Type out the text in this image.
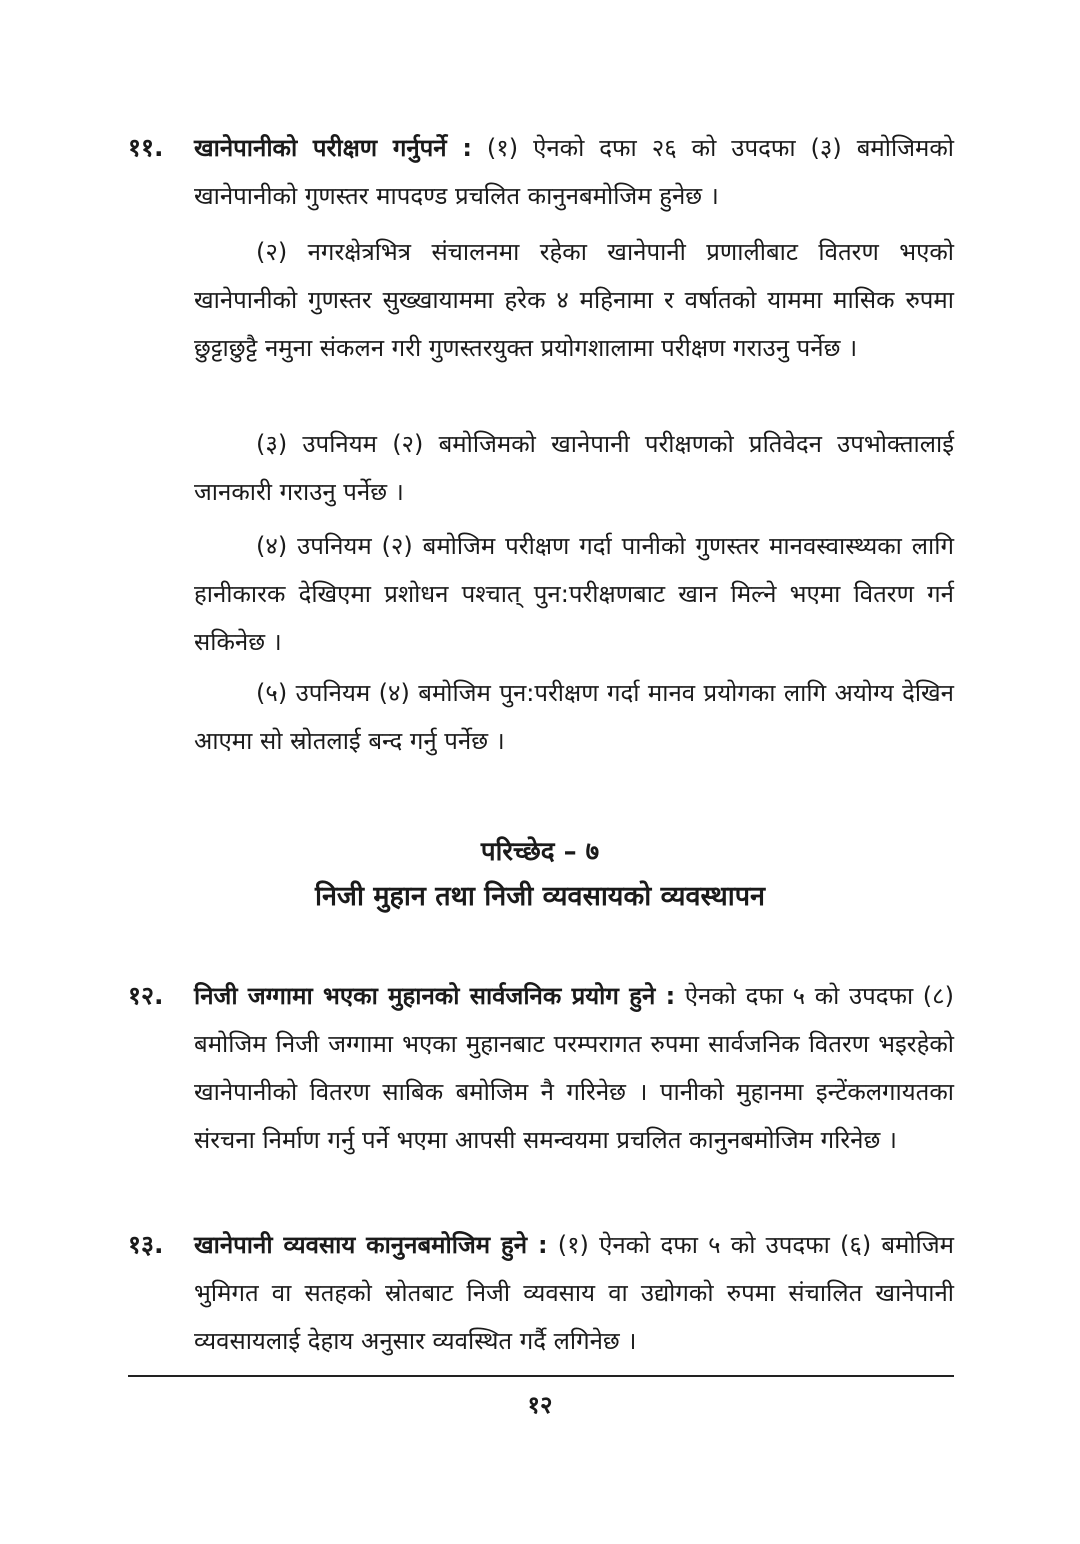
११. खानेपानीको परीक्षण गर्नुपर्ने : (१) ऐनको दफा २६ को उपदफा (३) बमोजिमको खानेपानीको गुणस्तर मापदण्ड प्रचलित कानुनबमोजिम हुनेछ ।
(२) नगरक्षेत्रभित्र संचालनमा रहेका खानेपानी प्रणालीबाट वितरण भएको खानेपानीको गुणस्तर सुख्खायाममा हरेक ४ महिनामा र वर्षातको याममा मासिक रुपमा छुट्टाछुट्टै नमुना संकलन गरी गुणस्तरयुक्त प्रयोगशालामा परीक्षण गराउनु पर्नेछ ।
(३) उपनियम (२) बमोजिमको खानेपानी परीक्षणको प्रतिवेदन उपभोक्तालाई जानकारी गराउनु पर्नेछ ।
(४) उपनियम (२) बमोजिम परीक्षण गर्दा पानीको गुणस्तर मानवस्वास्थ्यका लागि हानीकारक देखिएमा प्रशोधन पश्चात् पुन:परीक्षणबाट खान मिल्ने भएमा वितरण गर्न सकिनेछ ।
(५) उपनियम (४) बमोजिम पुन:परीक्षण गर्दा मानव प्रयोगका लागि अयोग्य देखिन आएमा सो स्रोतलाई बन्द गर्नु पर्नेछ ।
परिच्छेद – ७
निजी मुहान तथा निजी व्यवसायको व्यवस्थापन
१२. निजी जग्गामा भएका मुहानको सार्वजनिक प्रयोग हुने : ऐनको दफा ५ को उपदफा (८) बमोजिम निजी जग्गामा भएका मुहानबाट परम्परागत रुपमा सार्वजनिक वितरण भइरहेको खानेपानीको वितरण साबिक बमोजिम नै गरिनेछ । पानीको मुहानमा इन्टेंकलगायतका संरचना निर्माण गर्नु पर्ने भएमा आपसी समन्वयमा प्रचलित कानुनबमोजिम गरिनेछ ।
१३. खानेपानी व्यवसाय कानुनबमोजिम हुने : (१) ऐनको दफा ५ को उपदफा (६) बमोजिम भुमिगत वा सतहको स्रोतबाट निजी व्यवसाय वा उद्योगको रुपमा संचालित खानेपानी व्यवसायलाई देहाय अनुसार व्यवस्थित गर्दै लगिनेछ ।
१२
